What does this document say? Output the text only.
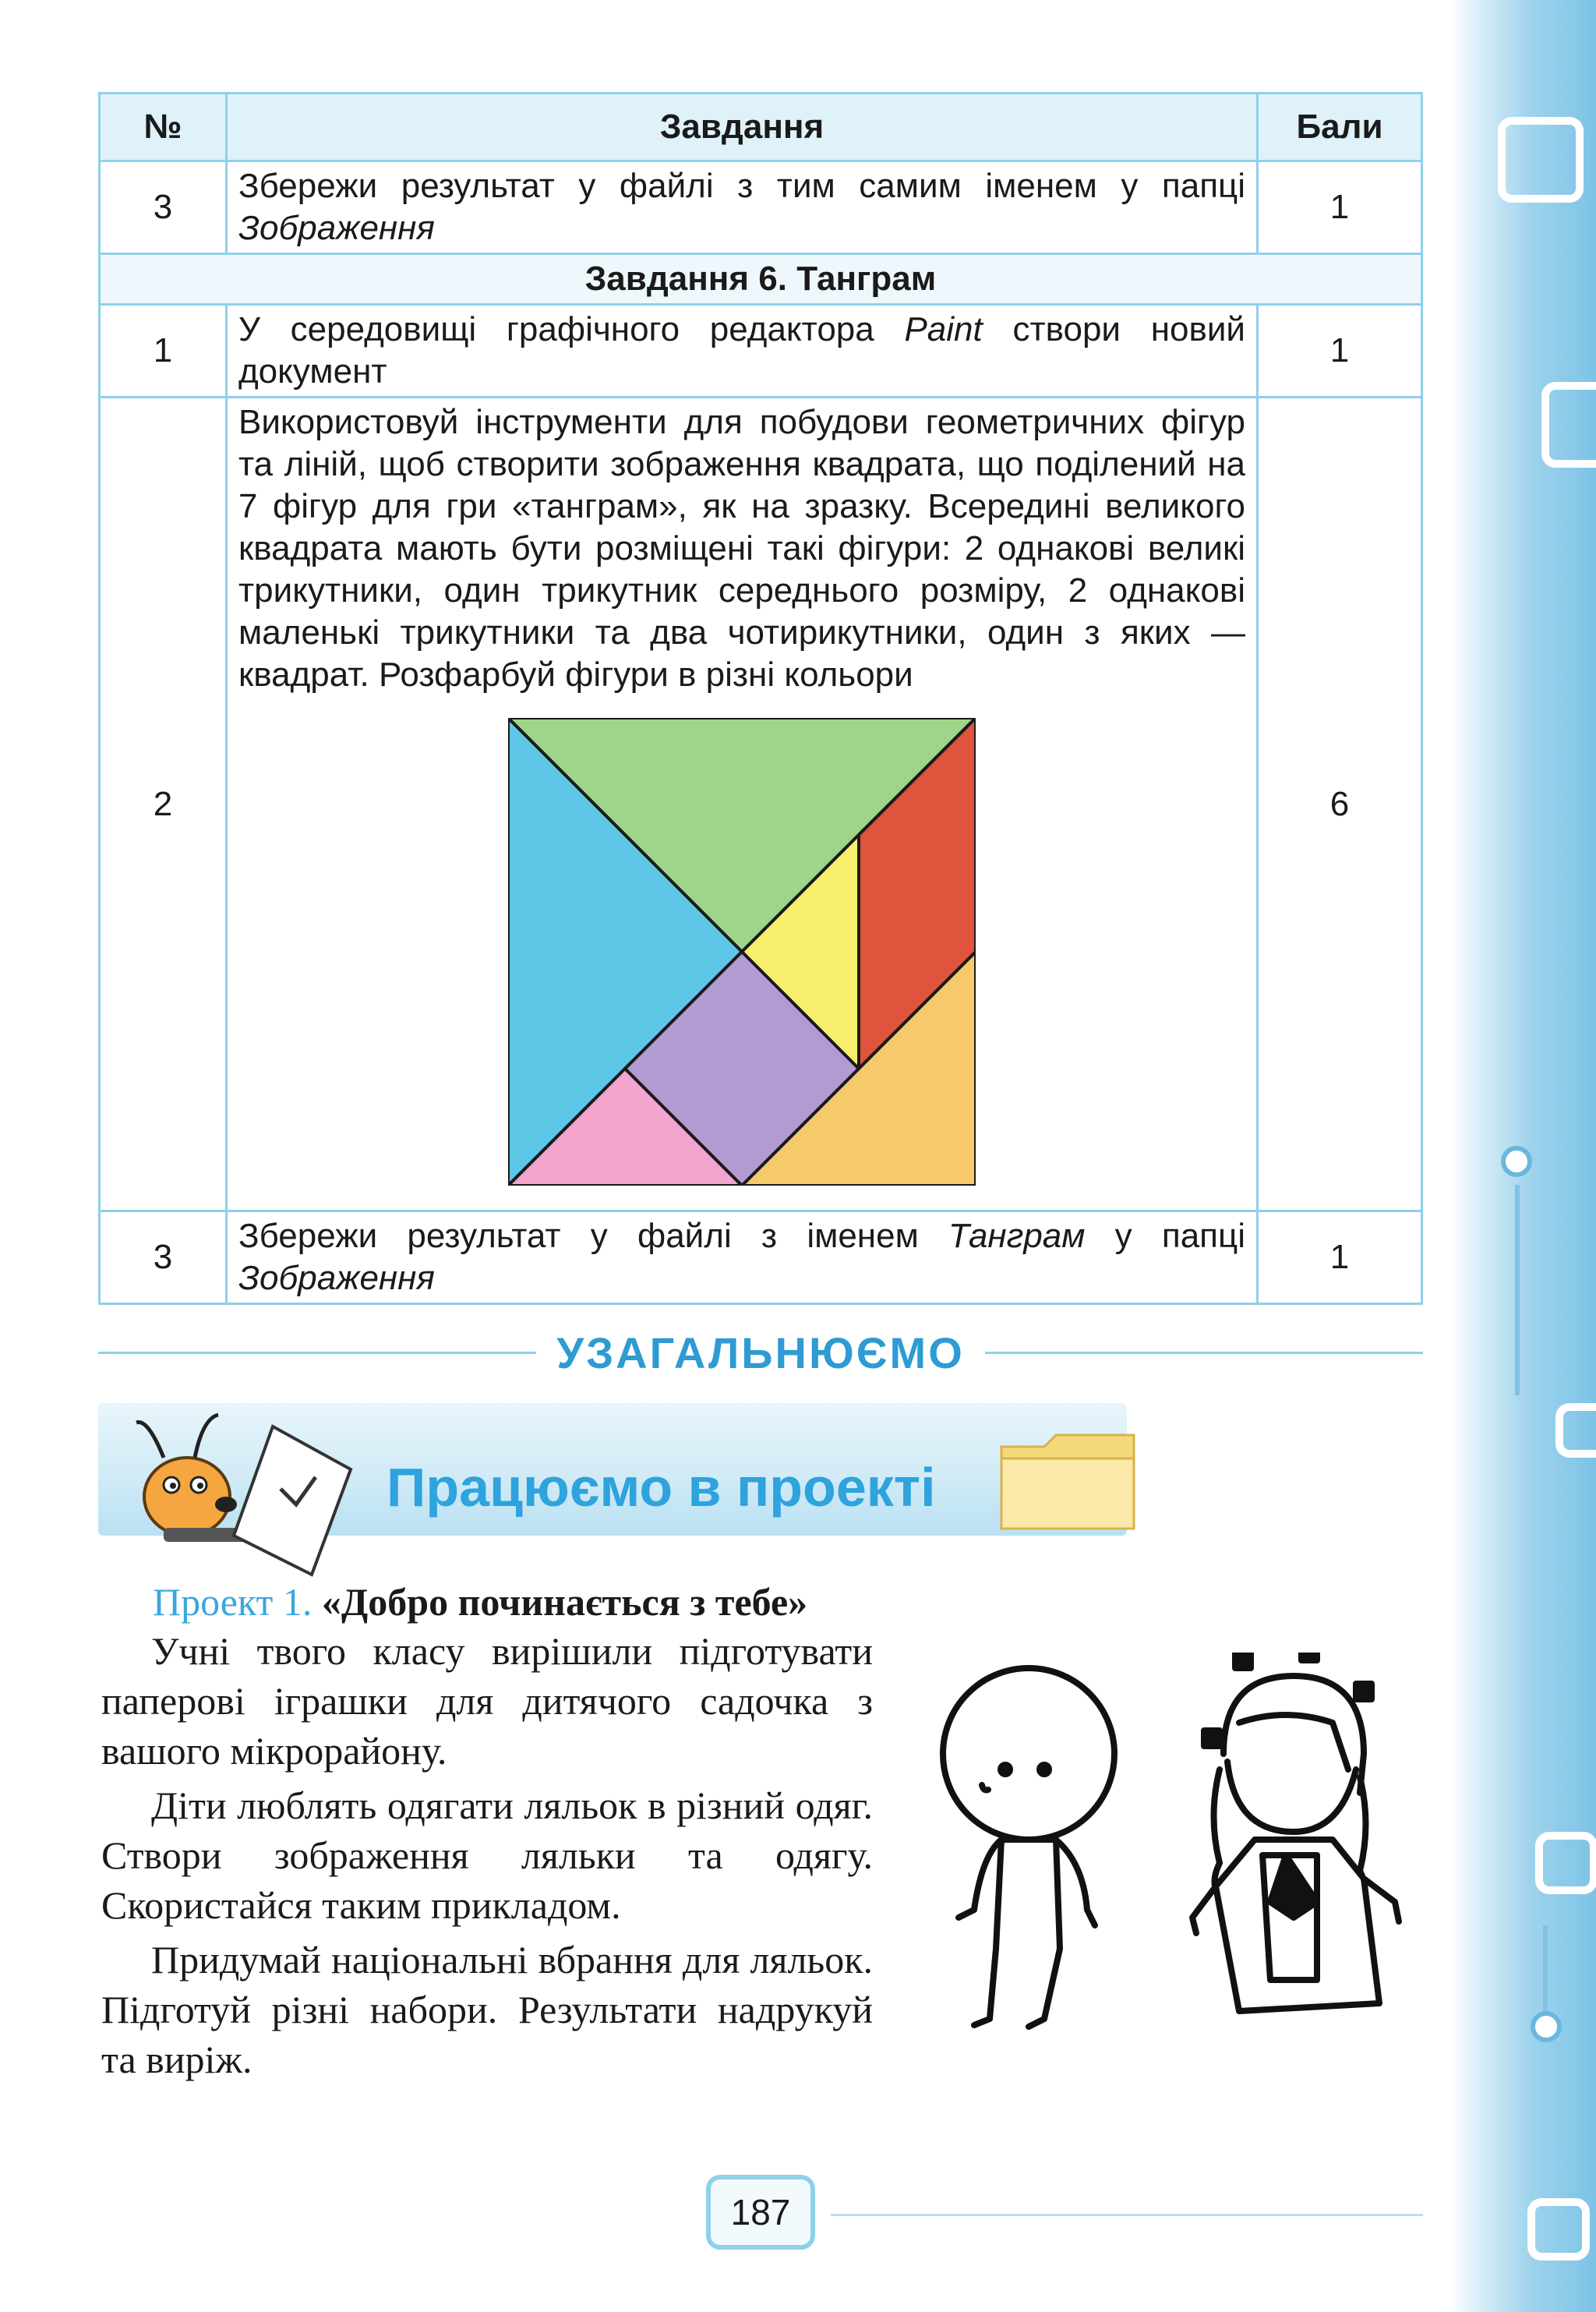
№	Завдання	Бали
3	Збережи результат у файлі з тим самим іменем у папці Зображення	1
Завдання 6. Танграм		
1	У середовищі графічного редактора Paint створи новий документ	1
2	Використовуй інструменти для побудови геометричних фігур та ліній, щоб створити зображення квадрата, що поділений на 7 фігур для гри «танграм», як на зразку. Всередині великого квадрата мають бути розміщені такі фігури: 2 однакові великі трикутники, один трикутник середнього розміру, 2 однакові маленькі трикутники та два чотирикутники, один з яких — квадрат. Розфарбуй фігури в різні кольори	6
3	Збережи результат у файлі з іменем Танграм у папці Зображення	1
УЗАГАЛЬНЮЄМО
Працюємо в проекті
Проект 1. «Добро починається з тебе»

Учні твого класу вирішили підготувати паперові іграшки для дитячого садочка з вашого мікрорайону.

Діти люблять одягати ляльок в різний одяг. Створи зображення ляльки та одягу. Скористайся таким прикладом.

Придумай національні вбрання для ляльок. Підготуй різні набори. Результати надрукуй та виріж.

187
